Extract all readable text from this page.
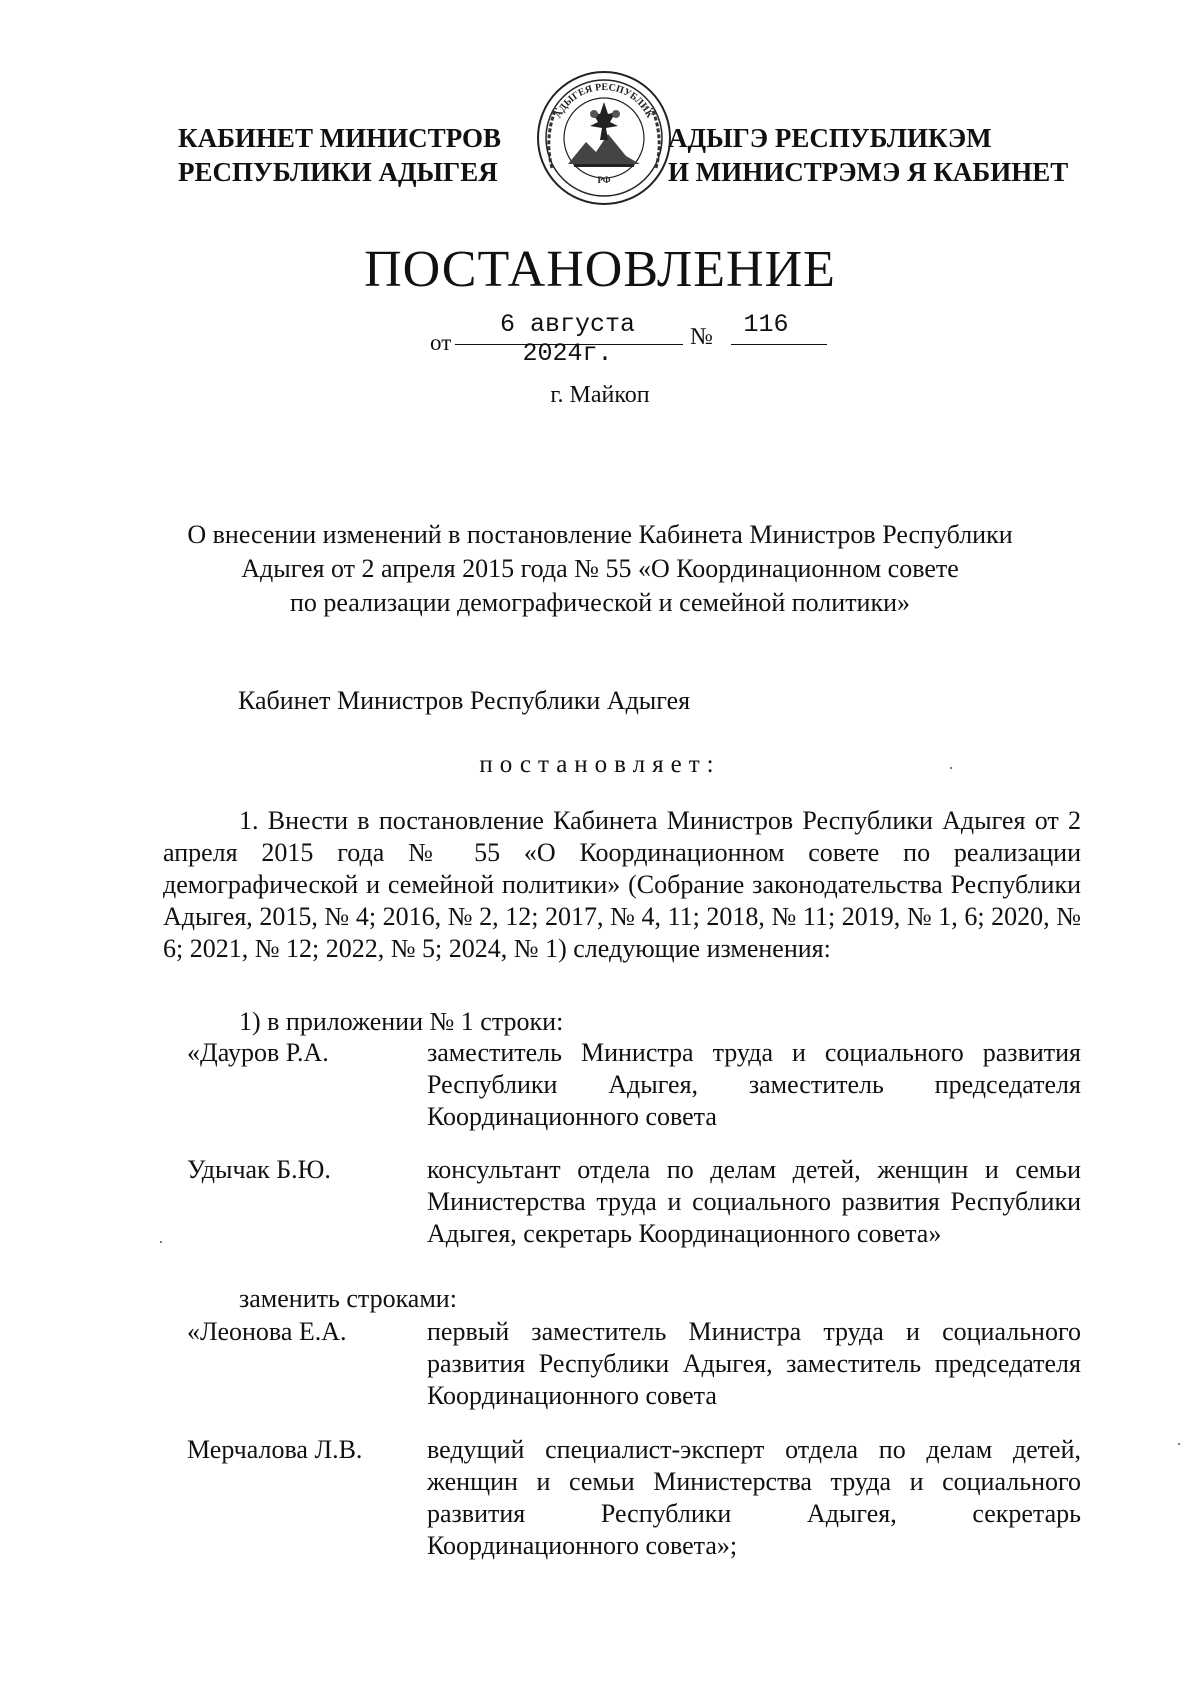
КАБИНЕТ МИНИСТРОВ
РЕСПУБЛИКИ АДЫГЕЯ
АДЫГЕЯ РЕСПУБЛИК
РФ
АДЫГЭ РЕСПУБЛИКЭМ
И МИНИСТРЭМЭ Я КАБИНЕТ
ПОСТАНОВЛЕНИЕ
от
6 августа 2024г.
№	116
г. Майкоп
О внесении изменений в постановление Кабинета Министров Республики
Адыгея от 2 апреля 2015 года № 55 «О Координационном совете
по реализации демографической и семейной политики»
Кабинет Министров Республики Адыгея
постановляет:
1. Внести в постановление Кабинета Министров Республики Адыгея от 2 апреля 2015 года № 55 «О Координационном совете по реализации демографической и семейной политики» (Собрание законодательства Республики Адыгея, 2015, № 4; 2016, № 2, 12; 2017, № 4, 11; 2018, № 11; 2019, № 1, 6; 2020, № 6; 2021, № 12; 2022, № 5; 2024, № 1) следующие изменения:
1) в приложении № 1 строки:
«Дауров Р.А.	заместитель Министра труда и социального развития Республики Адыгея, заместитель председателя Координационного совета
Удычак Б.Ю.	консультант отдела по делам детей, женщин и семьи Министерства труда и социального развития Республики Адыгея, секретарь Координационного совета»
заменить строками:
«Леонова Е.А.	первый заместитель Министра труда и социального развития Республики Адыгея, заместитель председателя Координационного совета
Мерчалова Л.В. ведущий специалист-эксперт отдела по делам детей, женщин и семьи Министерства труда и социального развития Республики Адыгея, секретарь Координационного совета»;
